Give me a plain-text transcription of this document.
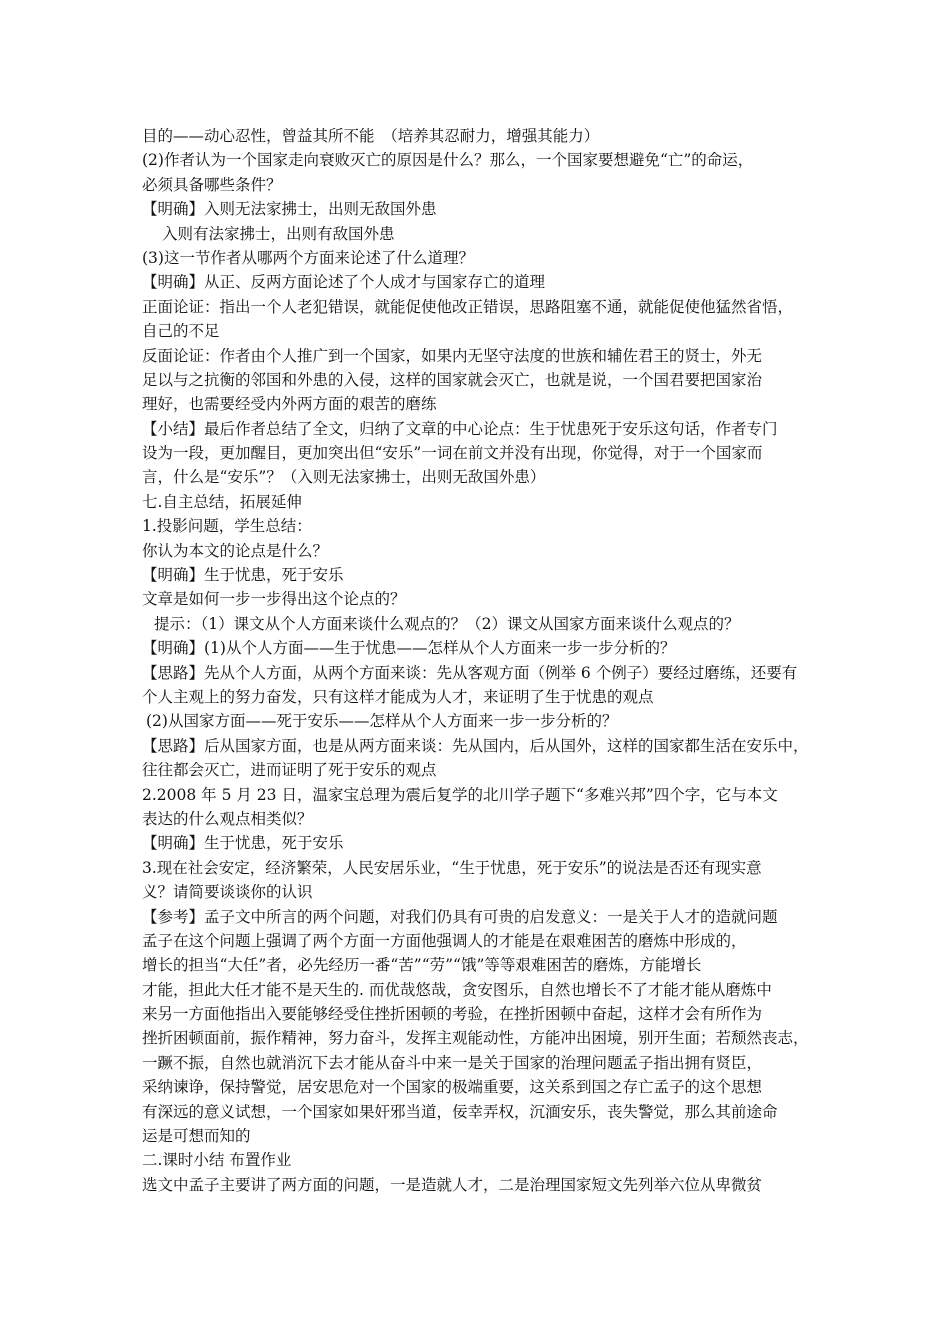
目的——动心忍性，曾益其所不能　（培养其忍耐力，增强其能力）
(2)作者认为一个国家走向衰败灭亡的原因是什么？那么，一个国家要想避免“亡”的命运，
必须具备哪些条件？
【明确】入则无法家拂士，出则无敌国外患
入则有法家拂士，出则有敌国外患
(3)这一节作者从哪两个方面来论述了什么道理？
【明确】从正、反两方面论述了个人成才与国家存亡的道理
正面论证：指出一个人老犯错误，就能促使他改正错误，思路阻塞不通，就能促使他猛然省悟，
自己的不足
反面论证：作者由个人推广到一个国家，如果内无坚守法度的世族和辅佐君王的贤士，外无
足以与之抗衡的邻国和外患的入侵，这样的国家就会灭亡，也就是说，一个国君要把国家治
理好，也需要经受内外两方面的艰苦的磨练
【小结】最后作者总结了全文，归纳了文章的中心论点：生于忧患死于安乐这句话，作者专门
设为一段，更加醒目，更加突出但“安乐”一词在前文并没有出现，你觉得，对于一个国家而
言，什么是“安乐”？（入则无法家拂士，出则无敌国外患）
七.自主总结，拓展延伸
1.投影问题，学生总结：
你认为本文的论点是什么？
【明确】生于忧患，死于安乐
文章是如何一步一步得出这个论点的？
提示：（1）课文从个人方面来谈什么观点的？（2）课文从国家方面来谈什么观点的？
【明确】(1)从个人方面——生于忧患——怎样从个人方面来一步一步分析的？
【思路】先从个人方面，从两个方面来谈：先从客观方面（例举 6 个例子）要经过磨练，还要有
个人主观上的努力奋发，只有这样才能成为人才，来证明了生于忧患的观点
(2)从国家方面——死于安乐——怎样从个人方面来一步一步分析的？
【思路】后从国家方面，也是从两方面来谈：先从国内，后从国外，这样的国家都生活在安乐中，
往往都会灭亡，进而证明了死于安乐的观点
2.2008 年 5 月 23 日，温家宝总理为震后复学的北川学子题下“多难兴邦”四个字，它与本文
表达的什么观点相类似？
【明确】生于忧患，死于安乐
3.现在社会安定，经济繁荣，人民安居乐业，“生于忧患，死于安乐”的说法是否还有现实意
义？请简要谈谈你的认识
【参考】孟子文中所言的两个问题，对我们仍具有可贵的启发意义：一是关于人才的造就问题
孟子在这个问题上强调了两个方面一方面他强调人的才能是在艰难困苦的磨炼中形成的，
增长的担当“大任”者，必先经历一番“苦”“劳”“饿”等等艰难困苦的磨炼，方能增长
才能，担此大任才能不是天生的. 而优哉悠哉，贪安图乐，自然也增长不了才能才能从磨炼中
来另一方面他指出入要能够经受住挫折困顿的考验，在挫折困顿中奋起，这样才会有所作为
挫折困顿面前，振作精神，努力奋斗，发挥主观能动性，方能冲出困境，别开生面；若颓然丧志，
一蹶不振，自然也就消沉下去才能从奋斗中来一是关于国家的治理问题孟子指出拥有贤臣，
采纳谏诤，保持警觉，居安思危对一个国家的极端重要，这关系到国之存亡孟子的这个思想
有深远的意义试想，一个国家如果奸邪当道，佞幸弄权，沉湎安乐，丧失警觉，那么其前途命
运是可想而知的
二.课时小结 布置作业
选文中孟子主要讲了两方面的问题，一是造就人才，二是治理国家短文先列举六位从卑微贫
